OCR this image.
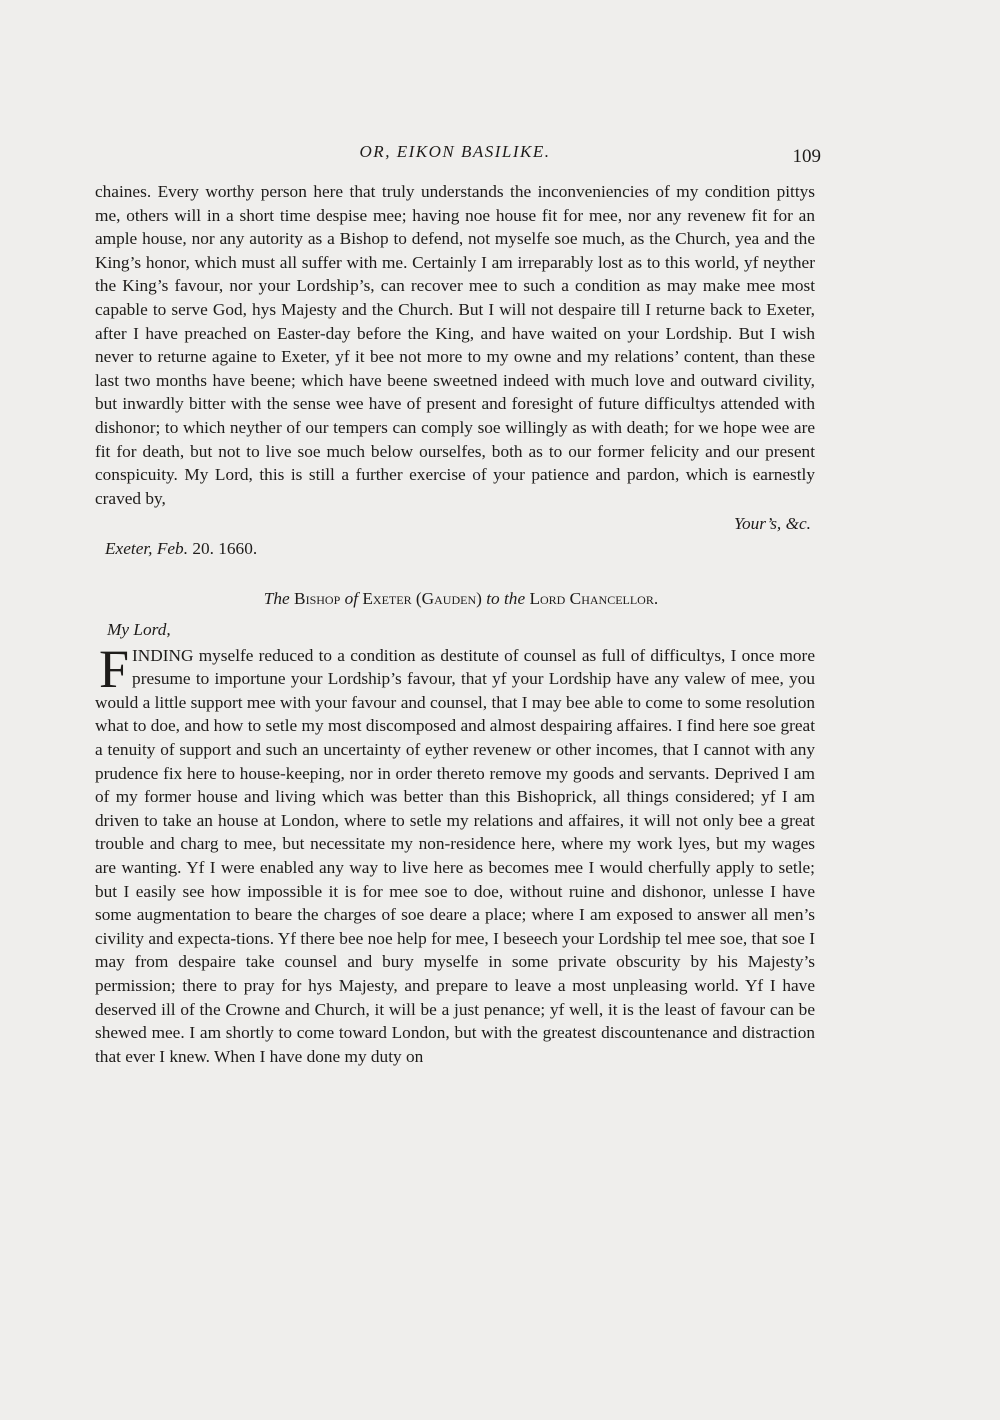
OR, EIKON BASILIKE.	109

chaines. Every worthy person here that truly understands the inconveniencies of my condition pittys me, others will in a short time despise mee; having noe house fit for mee, nor any revenew fit for an ample house, nor any autority as a Bishop to defend, not myselfe soe much, as the Church, yea and the King’s honor, which must all suffer with me. Certainly I am irreparably lost as to this world, yf neyther the King’s favour, nor your Lordship’s, can recover mee to such a condition as may make mee most capable to serve God, hys Majesty and the Church. But I will not despaire till I returne back to Exeter, after I have preached on Easter-day before the King, and have waited on your Lordship. But I wish never to returne againe to Exeter, yf it bee not more to my owne and my relations’ content, than these last two months have beene; which have beene sweetned indeed with much love and outward civility, but inwardly bitter with the sense wee have of present and foresight of future difficultys attended with dishonor; to which neyther of our tempers can comply soe willingly as with death; for we hope wee are fit for death, but not to live soe much below ourselfes, both as to our former felicity and our present conspicuity. My Lord, this is still a further exercise of your patience and pardon, which is earnestly craved by,

Your’s, &c.
Exeter, Feb. 20. 1660.
The Bishop of Exeter (Gauden) to the Lord Chancellor.
My Lord,

FINDING myselfe reduced to a condition as destitute of counsel as full of difficultys, I once more presume to importune your Lordship’s favour, that yf your Lordship have any valew of mee, you would a little support mee with your favour and counsel, that I may bee able to come to some resolution what to doe, and how to setle my most discomposed and almost despairing affaires. I find here soe great a tenuity of support and such an uncertainty of eyther revenew or other incomes, that I cannot with any prudence fix here to house-keeping, nor in order thereto remove my goods and servants. Deprived I am of my former house and living which was better than this Bishoprick, all things considered; yf I am driven to take an house at London, where to setle my relations and affaires, it will not only bee a great trouble and charg to mee, but necessitate my non-residence here, where my work lyes, but my wages are wanting. Yf I were enabled any way to live here as becomes mee I would cherfully apply to setle; but I easily see how impossible it is for mee soe to doe, without ruine and dishonor, unlesse I have some augmentation to beare the charges of soe deare a place; where I am exposed to answer all men’s civility and expecta-tions. Yf there bee noe help for mee, I beseech your Lordship tel mee soe, that soe I may from despaire take counsel and bury myselfe in some private obscurity by his Majesty’s permission; there to pray for hys Majesty, and prepare to leave a most unpleasing world. Yf I have deserved ill of the Crowne and Church, it will be a just penance; yf well, it is the least of favour can be shewed mee. I am shortly to come toward London, but with the greatest discountenance and distraction that ever I knew. When I have done my duty on
